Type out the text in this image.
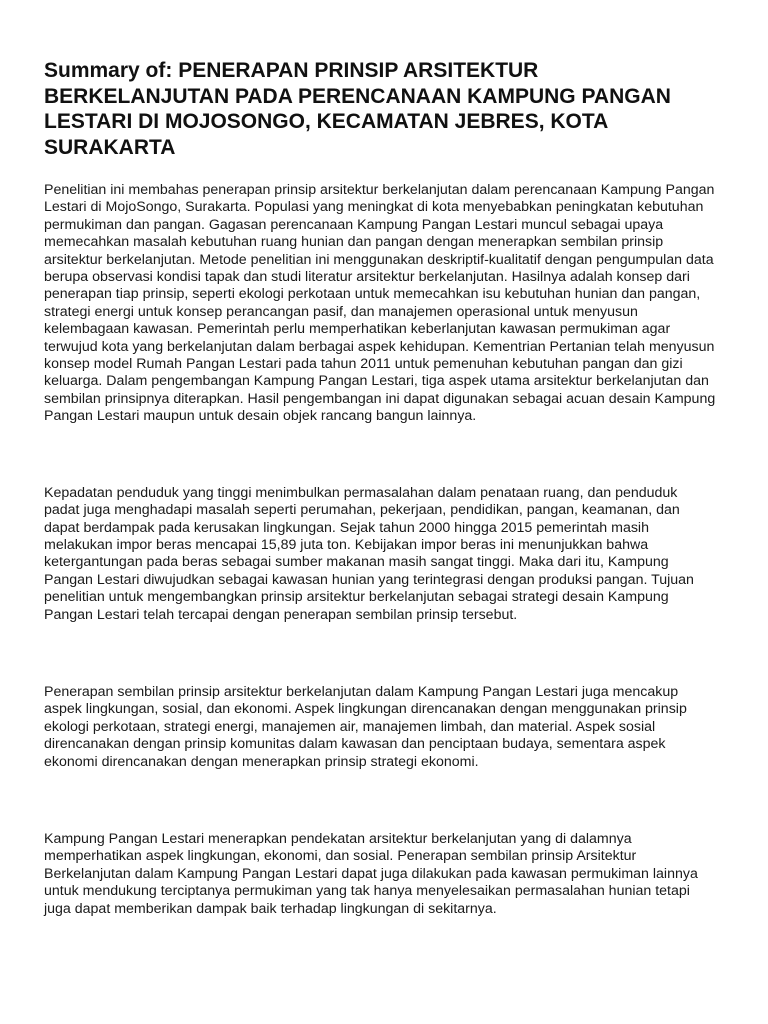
Summary of: PENERAPAN PRINSIP ARSITEKTUR BERKELANJUTAN PADA PERENCANAAN KAMPUNG PANGAN LESTARI DI MOJOSONGO, KECAMATAN JEBRES, KOTA SURAKARTA

Penelitian ini membahas penerapan prinsip arsitektur berkelanjutan dalam perencanaan Kampung Pangan Lestari di MojoSongo, Surakarta. Populasi yang meningkat di kota menyebabkan peningkatan kebutuhan permukiman dan pangan. Gagasan perencanaan Kampung Pangan Lestari muncul sebagai upaya memecahkan masalah kebutuhan ruang hunian dan pangan dengan menerapkan sembilan prinsip arsitektur berkelanjutan. Metode penelitian ini menggunakan deskriptif-kualitatif dengan pengumpulan data berupa observasi kondisi tapak dan studi literatur arsitektur berkelanjutan. Hasilnya adalah konsep dari penerapan tiap prinsip, seperti ekologi perkotaan untuk memecahkan isu kebutuhan hunian dan pangan, strategi energi untuk konsep perancangan pasif, dan manajemen operasional untuk menyusun kelembagaan kawasan. Pemerintah perlu memperhatikan keberlanjutan kawasan permukiman agar terwujud kota yang berkelanjutan dalam berbagai aspek kehidupan. Kementrian Pertanian telah menyusun konsep model Rumah Pangan Lestari pada tahun 2011 untuk pemenuhan kebutuhan pangan dan gizi keluarga. Dalam pengembangan Kampung Pangan Lestari, tiga aspek utama arsitektur berkelanjutan dan sembilan prinsipnya diterapkan. Hasil pengembangan ini dapat digunakan sebagai acuan desain Kampung Pangan Lestari maupun untuk desain objek rancang bangun lainnya.

Kepadatan penduduk yang tinggi menimbulkan permasalahan dalam penataan ruang, dan penduduk padat juga menghadapi masalah seperti perumahan, pekerjaan, pendidikan, pangan, keamanan, dan dapat berdampak pada kerusakan lingkungan. Sejak tahun 2000 hingga 2015 pemerintah masih melakukan impor beras mencapai 15,89 juta ton. Kebijakan impor beras ini menunjukkan bahwa ketergantungan pada beras sebagai sumber makanan masih sangat tinggi. Maka dari itu, Kampung Pangan Lestari diwujudkan sebagai kawasan hunian yang terintegrasi dengan produksi pangan. Tujuan penelitian untuk mengembangkan prinsip arsitektur berkelanjutan sebagai strategi desain Kampung Pangan Lestari telah tercapai dengan penerapan sembilan prinsip tersebut.

Penerapan sembilan prinsip arsitektur berkelanjutan dalam Kampung Pangan Lestari juga mencakup aspek lingkungan, sosial, dan ekonomi. Aspek lingkungan direncanakan dengan menggunakan prinsip ekologi perkotaan, strategi energi, manajemen air, manajemen limbah, dan material. Aspek sosial direncanakan dengan prinsip komunitas dalam kawasan dan penciptaan budaya, sementara aspek ekonomi direncanakan dengan menerapkan prinsip strategi ekonomi.

Kampung Pangan Lestari menerapkan pendekatan arsitektur berkelanjutan yang di dalamnya memperhatikan aspek lingkungan, ekonomi, dan sosial. Penerapan sembilan prinsip Arsitektur Berkelanjutan dalam Kampung Pangan Lestari dapat juga dilakukan pada kawasan permukiman lainnya untuk mendukung terciptanya permukiman yang tak hanya menyelesaikan permasalahan hunian tetapi juga dapat memberikan dampak baik terhadap lingkungan di sekitarnya.
